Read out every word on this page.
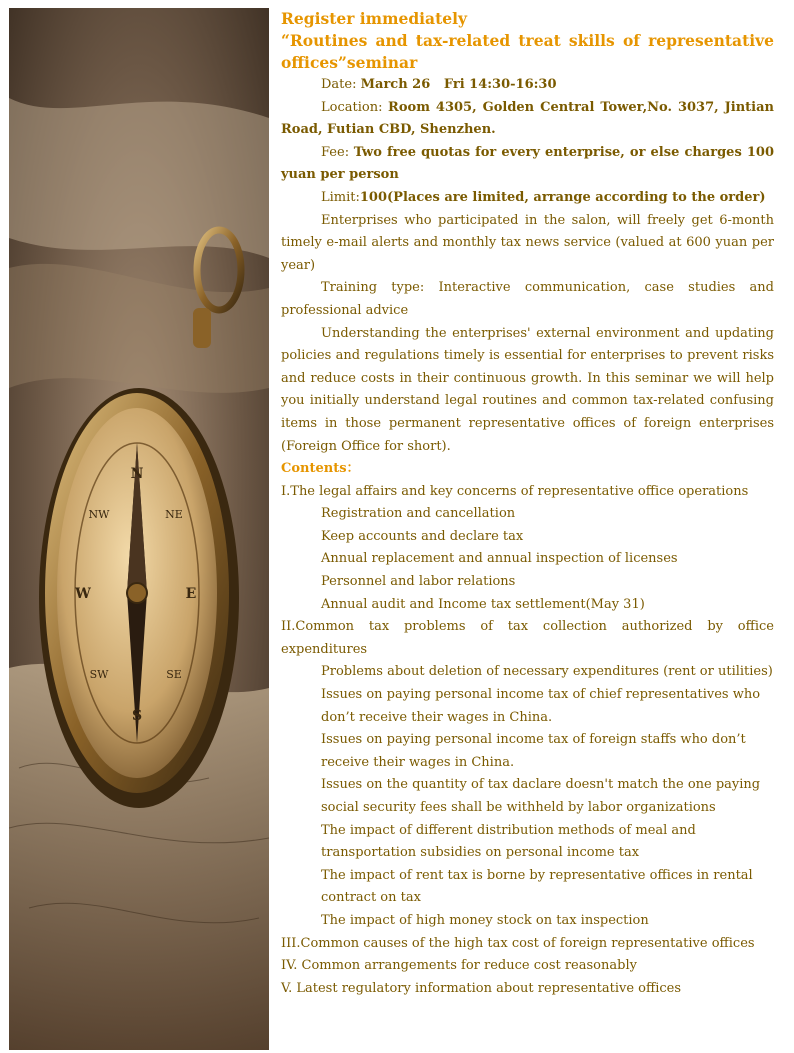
N
S
E
W
NE
NW
SE
SW

Register immediately

“Routines and tax-related treat skills of representative offices”seminar

Date: March 26   Fri 14:30-16:30

Location: Room 4305, Golden Central Tower,No. 3037, Jintian Road, Futian CBD, Shenzhen.

Fee: Two free quotas for every enterprise, or else charges 100 yuan per person

Limit:100(Places are limited, arrange according to the order)

Enterprises who participated in the salon, will freely get 6-month timely e-mail alerts and monthly tax news service (valued at 600 yuan per year)

Training type: Interactive communication, case studies and professional advice

Understanding the enterprises' external environment and updating policies and regulations timely is essential for enterprises to prevent risks and reduce costs in their continuous growth. In this seminar we will help you initially understand legal routines and common tax-related confusing items in those permanent representative offices of foreign enterprises (Foreign Office for short).

Contents：

I.The legal affairs and key concerns of representative office operations

Registration and cancellation

Keep accounts and declare tax

Annual replacement and annual inspection of licenses

Personnel and labor relations

Annual audit and Income tax settlement(May 31)

II.Common tax problems of tax collection authorized by office expenditures

Problems about deletion of necessary expenditures (rent or utilities)

Issues on paying personal income tax of chief representatives who don’t receive their wages in China.

Issues on paying personal income tax of foreign staffs who don’t receive their wages in China.

Issues on the quantity of tax daclare doesn't match the one paying social security fees shall be withheld by labor organizations

The impact of different distribution methods of meal and transportation subsidies on personal income tax

The impact of rent tax is borne by representative offices in rental contract on tax

The impact of high money stock on tax inspection

III.Common causes of the high tax cost of foreign representative offices

IV. Common arrangements for reduce cost reasonably

V. Latest regulatory information about representative offices
